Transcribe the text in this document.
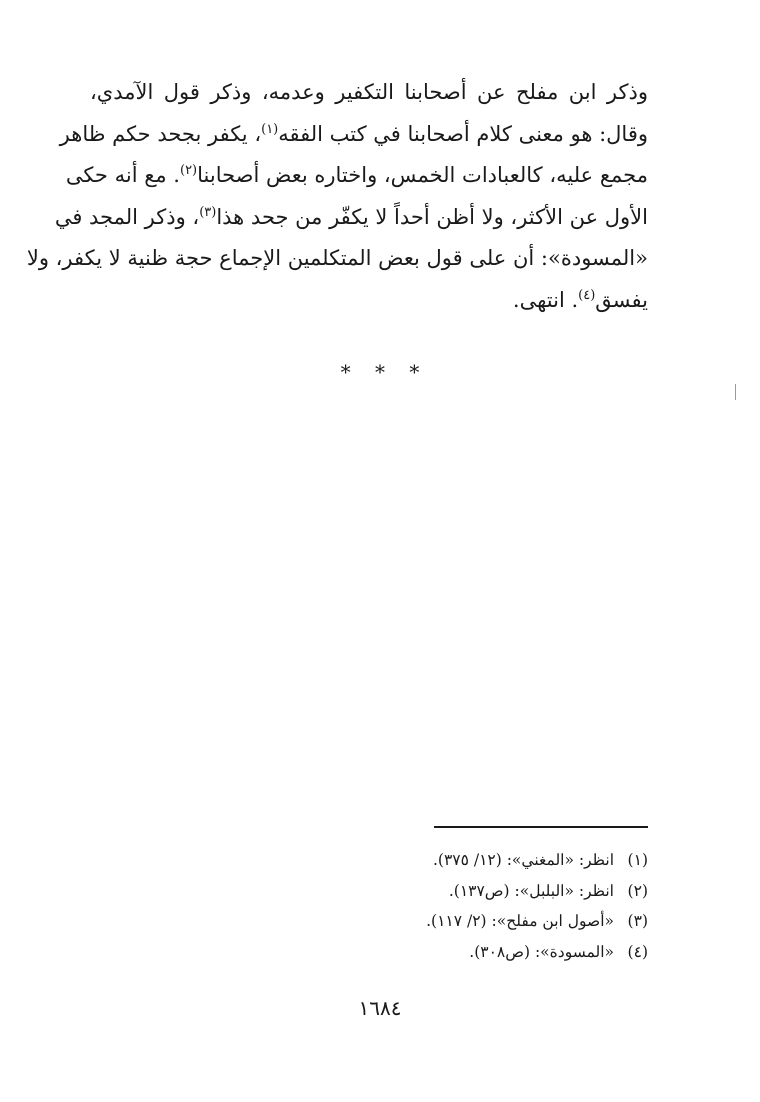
وذكر ابن مفلح عن أصحابنا التكفير وعدمه، وذكر قول الآمدي،
وقال: هو معنى كلام أصحابنا في كتب الفقه$^{(١)}$، يكفر بجحد حكم ظاهر
مجمع عليه، كالعبادات الخمس، واختاره بعض أصحابنا$^{(٢)}$. مع أنه حكى
الأول عن الأكثر، ولا أظن أحداً لا يكفّر من جحد هذا$^{(٣)}$، وذكر المجد في
«المسودة»: أن على قول بعض المتكلمين الإجماع حجة ظنية لا يكفر، ولا
يفسق$^{(٤)}$. انتهى.
* * *
(١)انظر: «المغني»: (١٢/ ٣٧٥).
(٢)انظر: «البلبل»: (ص١٣٧).
(٣)«أصول ابن مفلح»: (٢/ ١١٧).
(٤)«المسودة»: (ص٣٠٨).
١٦٨٤
